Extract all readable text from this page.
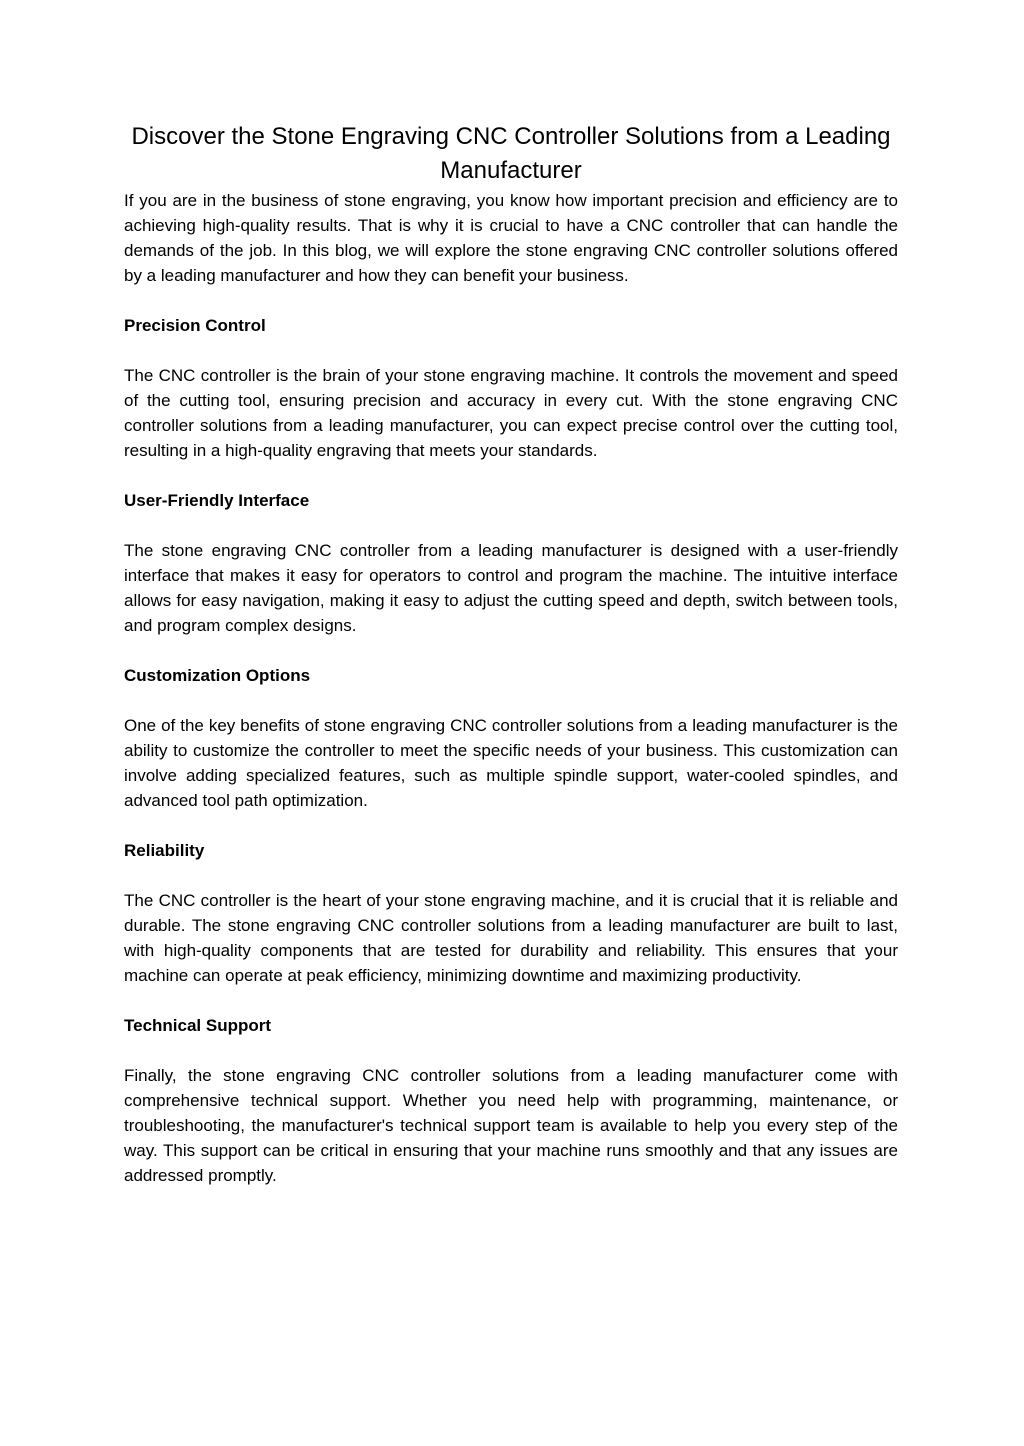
Discover the Stone Engraving CNC Controller Solutions from a Leading Manufacturer

If you are in the business of stone engraving, you know how important precision and efficiency are to achieving high-quality results. That is why it is crucial to have a CNC controller that can handle the demands of the job. In this blog, we will explore the stone engraving CNC controller solutions offered by a leading manufacturer and how they can benefit your business.

Precision Control

The CNC controller is the brain of your stone engraving machine. It controls the movement and speed of the cutting tool, ensuring precision and accuracy in every cut. With the stone engraving CNC controller solutions from a leading manufacturer, you can expect precise control over the cutting tool, resulting in a high-quality engraving that meets your standards.

User-Friendly Interface

The stone engraving CNC controller from a leading manufacturer is designed with a user-friendly interface that makes it easy for operators to control and program the machine. The intuitive interface allows for easy navigation, making it easy to adjust the cutting speed and depth, switch between tools, and program complex designs.

Customization Options

One of the key benefits of stone engraving CNC controller solutions from a leading manufacturer is the ability to customize the controller to meet the specific needs of your business. This customization can involve adding specialized features, such as multiple spindle support, water-cooled spindles, and advanced tool path optimization.

Reliability

The CNC controller is the heart of your stone engraving machine, and it is crucial that it is reliable and durable. The stone engraving CNC controller solutions from a leading manufacturer are built to last, with high-quality components that are tested for durability and reliability. This ensures that your machine can operate at peak efficiency, minimizing downtime and maximizing productivity.

Technical Support

Finally, the stone engraving CNC controller solutions from a leading manufacturer come with comprehensive technical support. Whether you need help with programming, maintenance, or troubleshooting, the manufacturer's technical support team is available to help you every step of the way. This support can be critical in ensuring that your machine runs smoothly and that any issues are addressed promptly.
